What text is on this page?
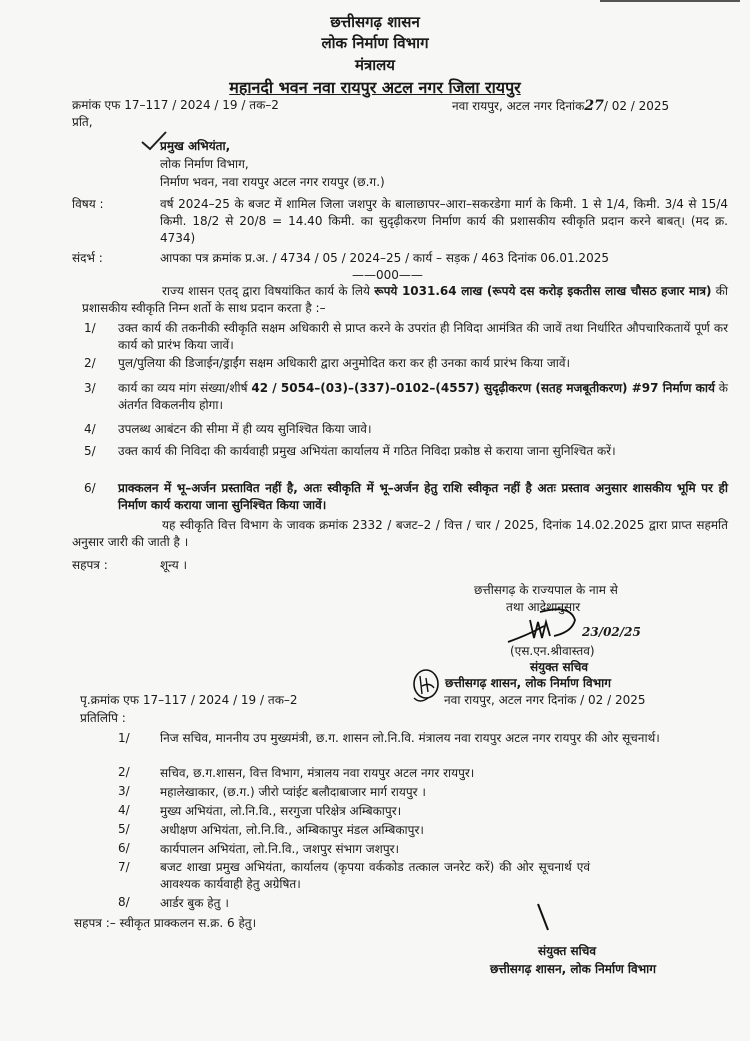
छत्तीसगढ़ शासन
लोक निर्माण विभाग
मंत्रालय
महानदी भवन नवा रायपुर अटल नगर जिला रायपुर
क्रमांक एफ 17–117 / 2024 / 19 / तक–2	नवा रायपुर, अटल नगर दिनांक27/ 02 / 2025
प्रति,
प्रमुख अभियंता,
लोक निर्माण विभाग,
निर्माण भवन, नवा रायपुर अटल नगर रायपुर (छ.ग.)
विषय :	वर्ष 2024–25 के बजट में शामिल जिला जशपुर के बालाछापर–आरा–सकरडेगा मार्ग के किमी. 1 से 1/4, किमी. 3/4 से 15/4 किमी. 18/2 से 20/8 = 14.40 किमी. का सुदृढ़ीकरण निर्माण कार्य की प्रशासकीय स्वीकृति प्रदान करने बाबत्। (मद क्र. 4734)
संदर्भ :	आपका पत्र क्रमांक प्र.अ. / 4734 / 05 / 2024–25 / कार्य – सड़क / 463 दिनांक 06.01.2025
——000——
राज्य शासन एतद् द्वारा विषयांकित कार्य के लिये रूपये 1031.64 लाख (रूपये दस करोड़ इकतीस लाख चौसठ हजार मात्र) की प्रशासकीय स्वीकृति निम्न शर्तो के साथ प्रदान करता है :–
1/ उक्त कार्य की तकनीकी स्वीकृति सक्षम अधिकारी से प्राप्त करने के उपरांत ही निविदा आमंत्रित की जावें तथा निर्धारित औपचारिकतायें पूर्ण कर कार्य को प्रारंभ किया जावें।
2/ पुल/पुलिया की डिजाईन/ड्राईंग सक्षम अधिकारी द्वारा अनुमोदित करा कर ही उनका कार्य प्रारंभ किया जावें।
3/ कार्य का व्यय मांग संख्या/शीर्ष 42 / 5054–(03)–(337)–0102–(4557) सुदृढ़ीकरण (सतह मजबूतीकरण) #97 निर्माण कार्य के अंतर्गत विकलनीय होगा।
4/ उपलब्ध आबंटन की सीमा में ही व्यय सुनिश्चित किया जावे।
5/ उक्त कार्य की निविदा की कार्यवाही प्रमुख अभियंता कार्यालय में गठित निविदा प्रकोष्ठ से कराया जाना सुनिश्चित करें।
6/ प्राक्कलन में भू–अर्जन प्रस्तावित नहीं है, अतः स्वीकृति में भू–अर्जन हेतु राशि स्वीकृत नहीं है अतः प्रस्ताव अनुसार शासकीय भूमि पर ही निर्माण कार्य कराया जाना सुनिश्चित किया जावें।
यह स्वीकृति वित्त विभाग के जावक क्रमांक 2332 / बजट–2 / वित्त / चार / 2025, दिनांक 14.02.2025 द्वारा प्राप्त सहमति अनुसार जारी की जाती है ।
सहपत्र :	शून्य ।
छत्तीसगढ़ के राज्यपाल के नाम से
तथा आदेशानुसार
23/02/25
(एस.एन.श्रीवास्तव)
संयुक्त सचिव
छत्तीसगढ़ शासन, लोक निर्माण विभाग
पृ.क्रमांक एफ 17–117 / 2024 / 19 / तक–2	नवा रायपुर, अटल नगर दिनांक / 02 / 2025
प्रतिलिपि :
1/	निज सचिव, माननीय उप मुख्यमंत्री, छ.ग. शासन लो.नि.वि. मंत्रालय नवा रायपुर अटल नगर रायपुर की ओर सूचनार्थ।
2/	सचिव, छ.ग.शासन, वित्त विभाग, मंत्रालय नवा रायपुर अटल नगर रायपुर।
3/	महालेखाकार, (छ.ग.) जीरो प्वांईट बलौदाबाजार मार्ग रायपुर ।
4/	मुख्य अभियंता, लो.नि.वि., सरगुजा परिक्षेत्र अम्बिकापुर।
5/	अधीक्षण अभियंता, लो.नि.वि., अम्बिकापुर मंडल अम्बिकापुर।
6/	कार्यपालन अभियंता, लो.नि.वि., जशपुर संभाग जशपुर।
7/	बजट शाखा प्रमुख अभियंता, कार्यालय (कृपया वर्ककोड तत्काल जनरेट करें) की ओर सूचनार्थ एवं आवश्यक कार्यवाही हेतु अग्रेषित।
8/	आर्डर बुक हेतु ।
सहपत्र :– स्वीकृत प्राक्कलन स.क्र. 6 हेतु।
संयुक्त सचिव
छत्तीसगढ़ शासन, लोक निर्माण विभाग
